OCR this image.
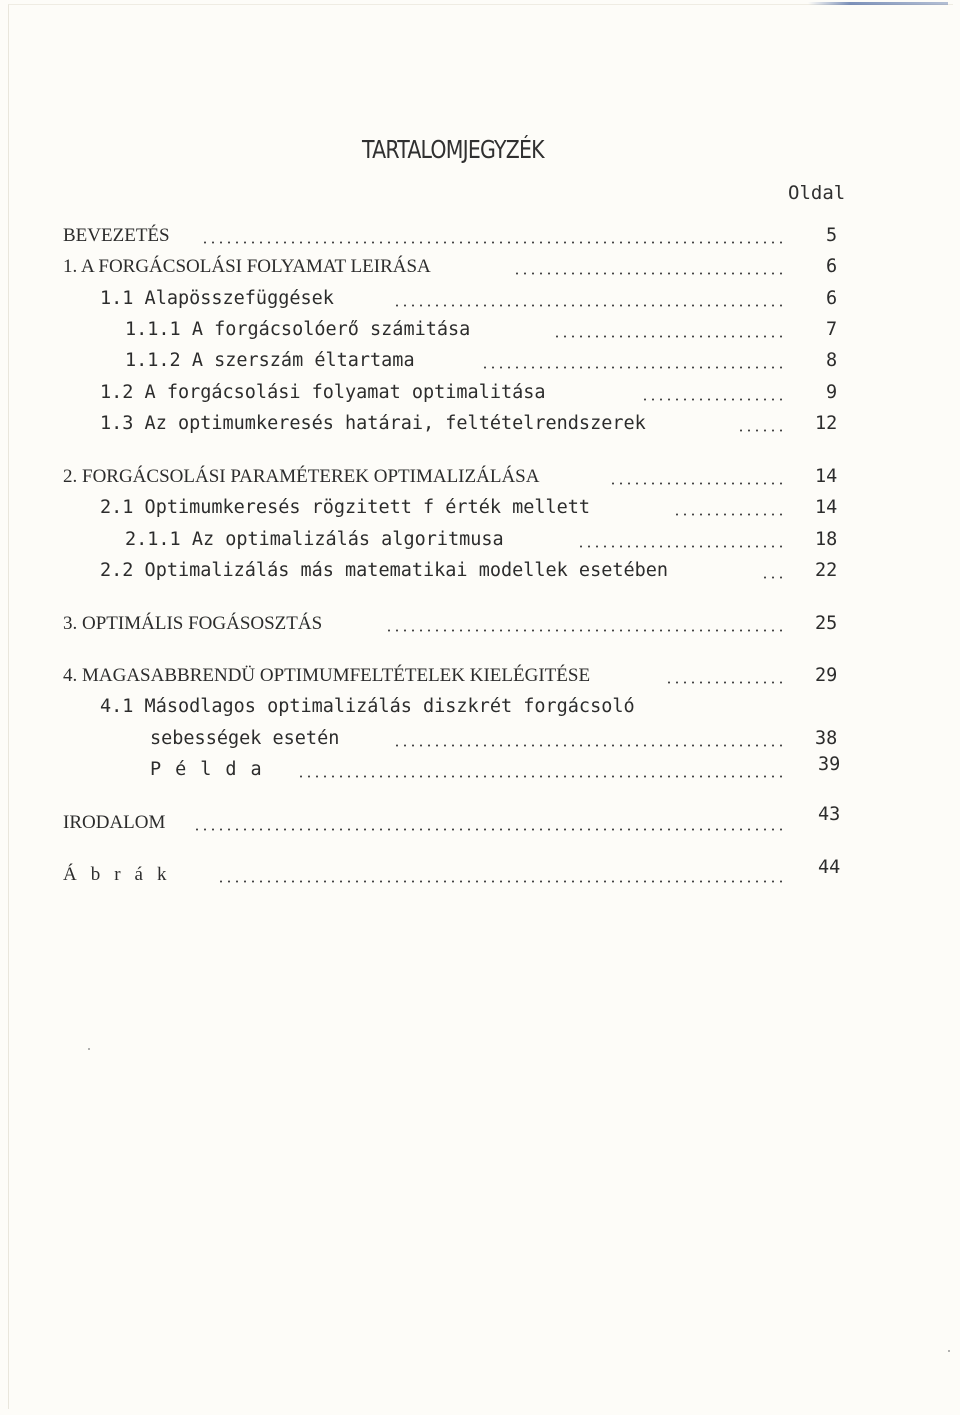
TARTALOMJEGYZÉK
Oldal
BEVEZETÉS	5
1. A FORGÁCSOLÁSI FOLYAMAT LEIRÁSA	6
1.1 Alapösszefüggések	6
1.1.1 A forgácsolóerő számitása	7
1.1.2 A szerszám éltartama	8
1.2 A forgácsolási folyamat optimalitása	9
1.3 Az optimumkeresés határai, feltételrendszerek	12
2. FORGÁCSOLÁSI PARAMÉTEREK OPTIMALIZÁLÁSA	14
2.1 Optimumkeresés rögzitett f érték mellett	14
2.1.1 Az optimalizálás algoritmusa	18
2.2 Optimalizálás más matematikai modellek esetében	22
3. OPTIMÁLIS FOGÁSOSZTÁS	25
4. MAGASABBRENDÜ OPTIMUMFELTÉTELEK KIELÉGITÉSE	29
4.1 Másodlagos optimalizálás diszkrét forgácsoló
sebességek esetén	38
Példa	39
IRODALOM	43
Ábrák	44
